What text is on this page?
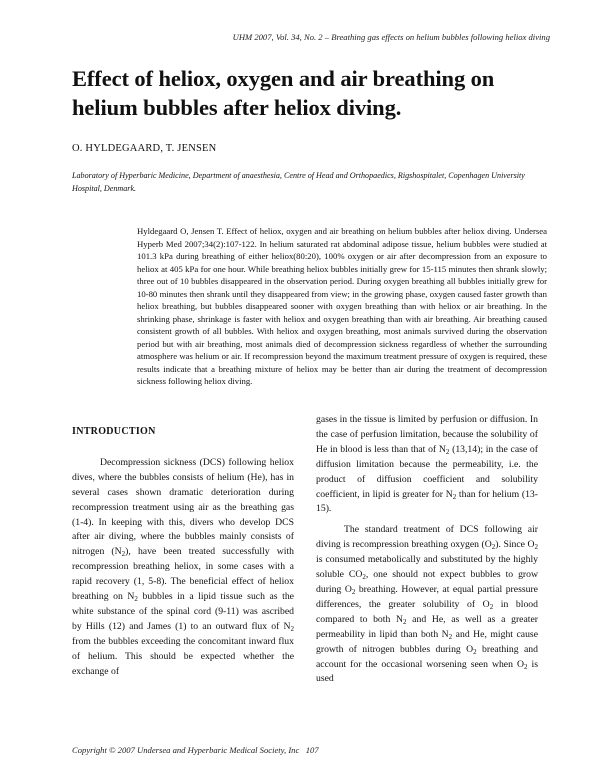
UHM 2007, Vol. 34, No. 2 – Breathing gas effects on helium bubbles following heliox diving
Effect of heliox, oxygen and air breathing on helium bubbles after heliox diving.
O. HYLDEGAARD, T. JENSEN
Laboratory of Hyperbaric Medicine, Department of anaesthesia, Centre of Head and Orthopaedics, Rigshospitalet, Copenhagen University Hospital, Denmark.

Hyldegaard O, Jensen T. Effect of heliox, oxygen and air breathing on helium bubbles after heliox diving. Undersea Hyperb Med 2007;34(2):107-122. In helium saturated rat abdominal adipose tissue, helium bubbles were studied at 101.3 kPa during breathing of either heliox(80:20), 100% oxygen or air after decompression from an exposure to heliox at 405 kPa for one hour. While breathing heliox bubbles initially grew for 15-115 minutes then shrank slowly; three out of 10 bubbles disappeared in the observation period. During oxygen breathing all bubbles initially grew for 10-80 minutes then shrank until they disappeared from view; in the growing phase, oxygen caused faster growth than heliox breathing, but bubbles disappeared sooner with oxygen breathing than with heliox or air breathing. In the shrinking phase, shrinkage is faster with heliox and oxygen breathing than with air breathing. Air breathing caused consistent growth of all bubbles. With heliox and oxygen breathing, most animals survived during the observation period but with air breathing, most animals died of decompression sickness regardless of whether the surrounding atmosphere was helium or air. If recompression beyond the maximum treatment pressure of oxygen is required, these results indicate that a breathing mixture of heliox may be better than air during the treatment of decompression sickness following heliox diving.

INTRODUCTION

Decompression sickness (DCS) following heliox dives, where the bubbles consists of helium (He), has in several cases shown dramatic deterioration during recompression treatment using air as the breathing gas (1-4). In keeping with this, divers who develop DCS after air diving, where the bubbles mainly consists of nitrogen $(N_2)$, have been treated successfully with recompression breathing heliox, in some cases with a rapid recovery (1, 5-8). The beneficial effect of heliox breathing on $N_2$ bubbles in a lipid tissue such as the white substance of the spinal cord (9-11) was ascribed by Hills (12) and James (1) to an outward flux of $N_2$ from the bubbles exceeding the concomitant inward flux of helium. This should be expected whether the exchange of

gases in the tissue is limited by perfusion or diffusion. In the case of perfusion limitation, because the solubility of He in blood is less than that of $N_2$ (13,14); in the case of diffusion limitation because the permeability, i.e. the product of diffusion coefficient and solubility coefficient, in lipid is greater for $N_2$ than for helium (13-15).

The standard treatment of DCS following air diving is recompression breathing oxygen $(O_2)$. Since $O_2$ is consumed metabolically and substituted by the highly soluble $CO_2$, one should not expect bubbles to grow during $O_2$ breathing. However, at equal partial pressure differences, the greater solubility of $O_2$ in blood compared to both $N_2$ and He, as well as a greater permeability in lipid than both $N_2$ and He, might cause growth of nitrogen bubbles during $O_2$ breathing and account for the occasional worsening seen when $O_2$ is used

Copyright © 2007 Undersea and Hyperbaric Medical Society, Inc 107
